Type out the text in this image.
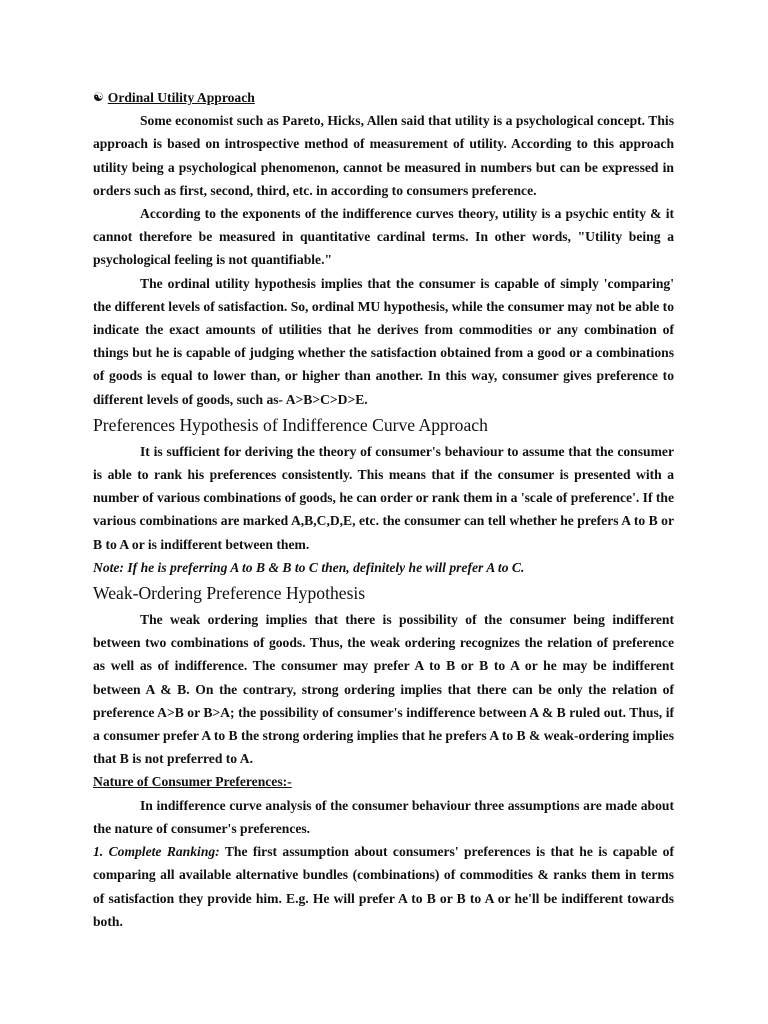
☯ Ordinal Utility Approach

Some economist such as Pareto, Hicks, Allen said that utility is a psychological concept. This approach is based on introspective method of measurement of utility. According to this approach utility being a psychological phenomenon, cannot be measured in numbers but can be expressed in orders such as first, second, third, etc. in according to consumers preference.

According to the exponents of the indifference curves theory, utility is a psychic entity & it cannot therefore be measured in quantitative cardinal terms. In other words, "Utility being a psychological feeling is not quantifiable."

The ordinal utility hypothesis implies that the consumer is capable of simply 'comparing' the different levels of satisfaction. So, ordinal MU hypothesis, while the consumer may not be able to indicate the exact amounts of utilities that he derives from commodities or any combination of things but he is capable of judging whether the satisfaction obtained from a good or a combinations of goods is equal to lower than, or higher than another. In this way, consumer gives preference to different levels of goods, such as- A>B>C>D>E.

Preferences Hypothesis of Indifference Curve Approach

It is sufficient for deriving the theory of consumer's behaviour to assume that the consumer is able to rank his preferences consistently. This means that if the consumer is presented with a number of various combinations of goods, he can order or rank them in a 'scale of preference'. If the various combinations are marked A,B,C,D,E, etc. the consumer can tell whether he prefers A to B or B to A or is indifferent between them.

Note: If he is preferring A to B & B to C then, definitely he will prefer A to C.

Weak-Ordering Preference Hypothesis

The weak ordering implies that there is possibility of the consumer being indifferent between two combinations of goods. Thus, the weak ordering recognizes the relation of preference as well as of indifference. The consumer may prefer A to B or B to A or he may be indifferent between A & B. On the contrary, strong ordering implies that there can be only the relation of preference A>B or B>A; the possibility of consumer's indifference between A & B ruled out. Thus, if a consumer prefer A to B the strong ordering implies that he prefers A to B & weak-ordering implies that B is not preferred to A.

Nature of Consumer Preferences:-

In indifference curve analysis of the consumer behaviour three assumptions are made about the nature of consumer's preferences.

1. Complete Ranking: The first assumption about consumers' preferences is that he is capable of comparing all available alternative bundles (combinations) of commodities & ranks them in terms of satisfaction they provide him. E.g. He will prefer A to B or B to A or he'll be indifferent towards both.
